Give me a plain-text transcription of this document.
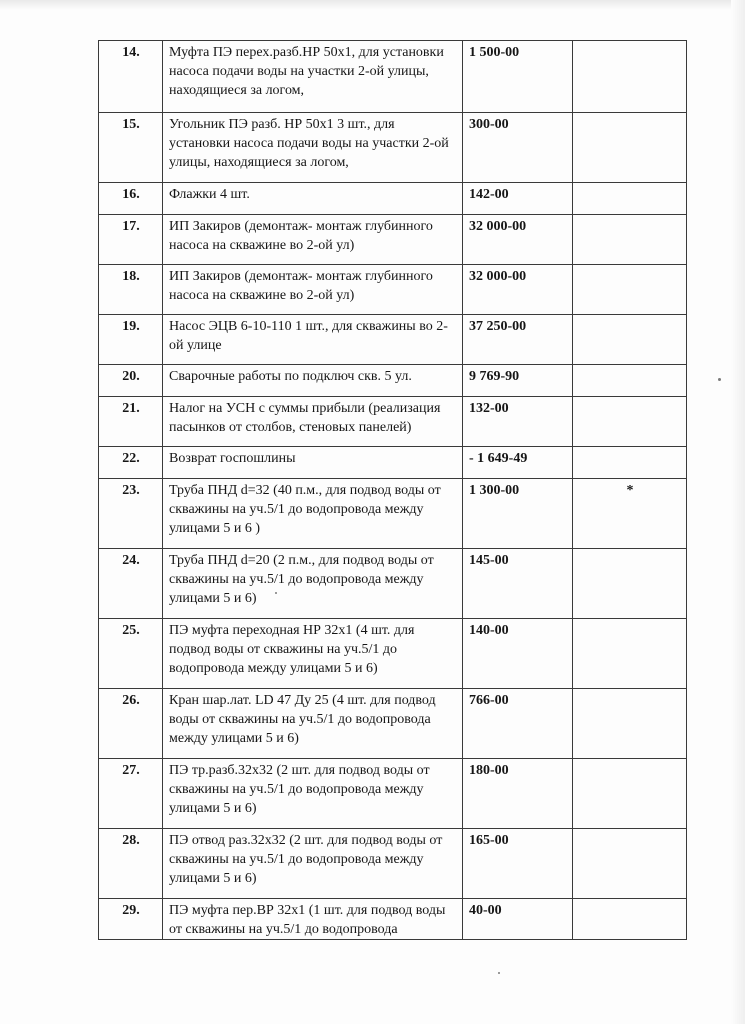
14.	Муфта ПЭ перех.разб.НР 50х1, для установки насоса подачи воды на участки 2-ой улицы, находящиеся за логом,	1 500-00	
15.	Угольник ПЭ разб. НР 50х1 3 шт., для установки насоса подачи воды на участки 2-ой улицы, находящиеся за логом,	300-00	
16.	Флажки 4 шт.	142-00	
17.	ИП Закиров (демонтаж- монтаж глубинного насоса на скважине во 2-ой ул)	32 000-00	
18.	ИП Закиров (демонтаж- монтаж глубинного насоса на скважине во 2-ой ул)	32 000-00	
19.	Насос ЭЦВ 6-10-110 1 шт., для скважины во 2-ой улице	37 250-00	
20.	Сварочные работы по подключ скв. 5 ул.	9 769-90	
21.	Налог на УСН с суммы прибыли (реализация пасынков от столбов, стеновых панелей)	132-00	
22.	Возврат госпошлины	- 1 649-49	
23.	Труба ПНД d=32 (40 п.м., для подвод воды от скважины на уч.5/1 до водопровода между улицами 5 и 6 )	1 300-00	*
24.	Труба ПНД d=20 (2 п.м., для подвод воды от скважины на уч.5/1 до водопровода между улицами 5 и 6)	145-00	
25.	ПЭ муфта переходная НР 32х1 (4 шт. для подвод воды от скважины на уч.5/1 до водопровода между улицами 5 и 6)	140-00	
26.	Кран шар.лат. LD 47 Ду 25 (4 шт. для подвод воды от скважины на уч.5/1 до водопровода между улицами 5 и 6)	766-00	
27.	ПЭ тр.разб.32х32 (2 шт. для подвод воды от скважины на уч.5/1 до водопровода между улицами 5 и 6)	180-00	
28.	ПЭ отвод раз.32х32 (2 шт. для подвод воды от скважины на уч.5/1 до водопровода между улицами 5 и 6)	165-00	
29.	ПЭ муфта пер.ВР 32х1 (1 шт. для подвод воды от скважины на уч.5/1 до водопровода	40-00	
